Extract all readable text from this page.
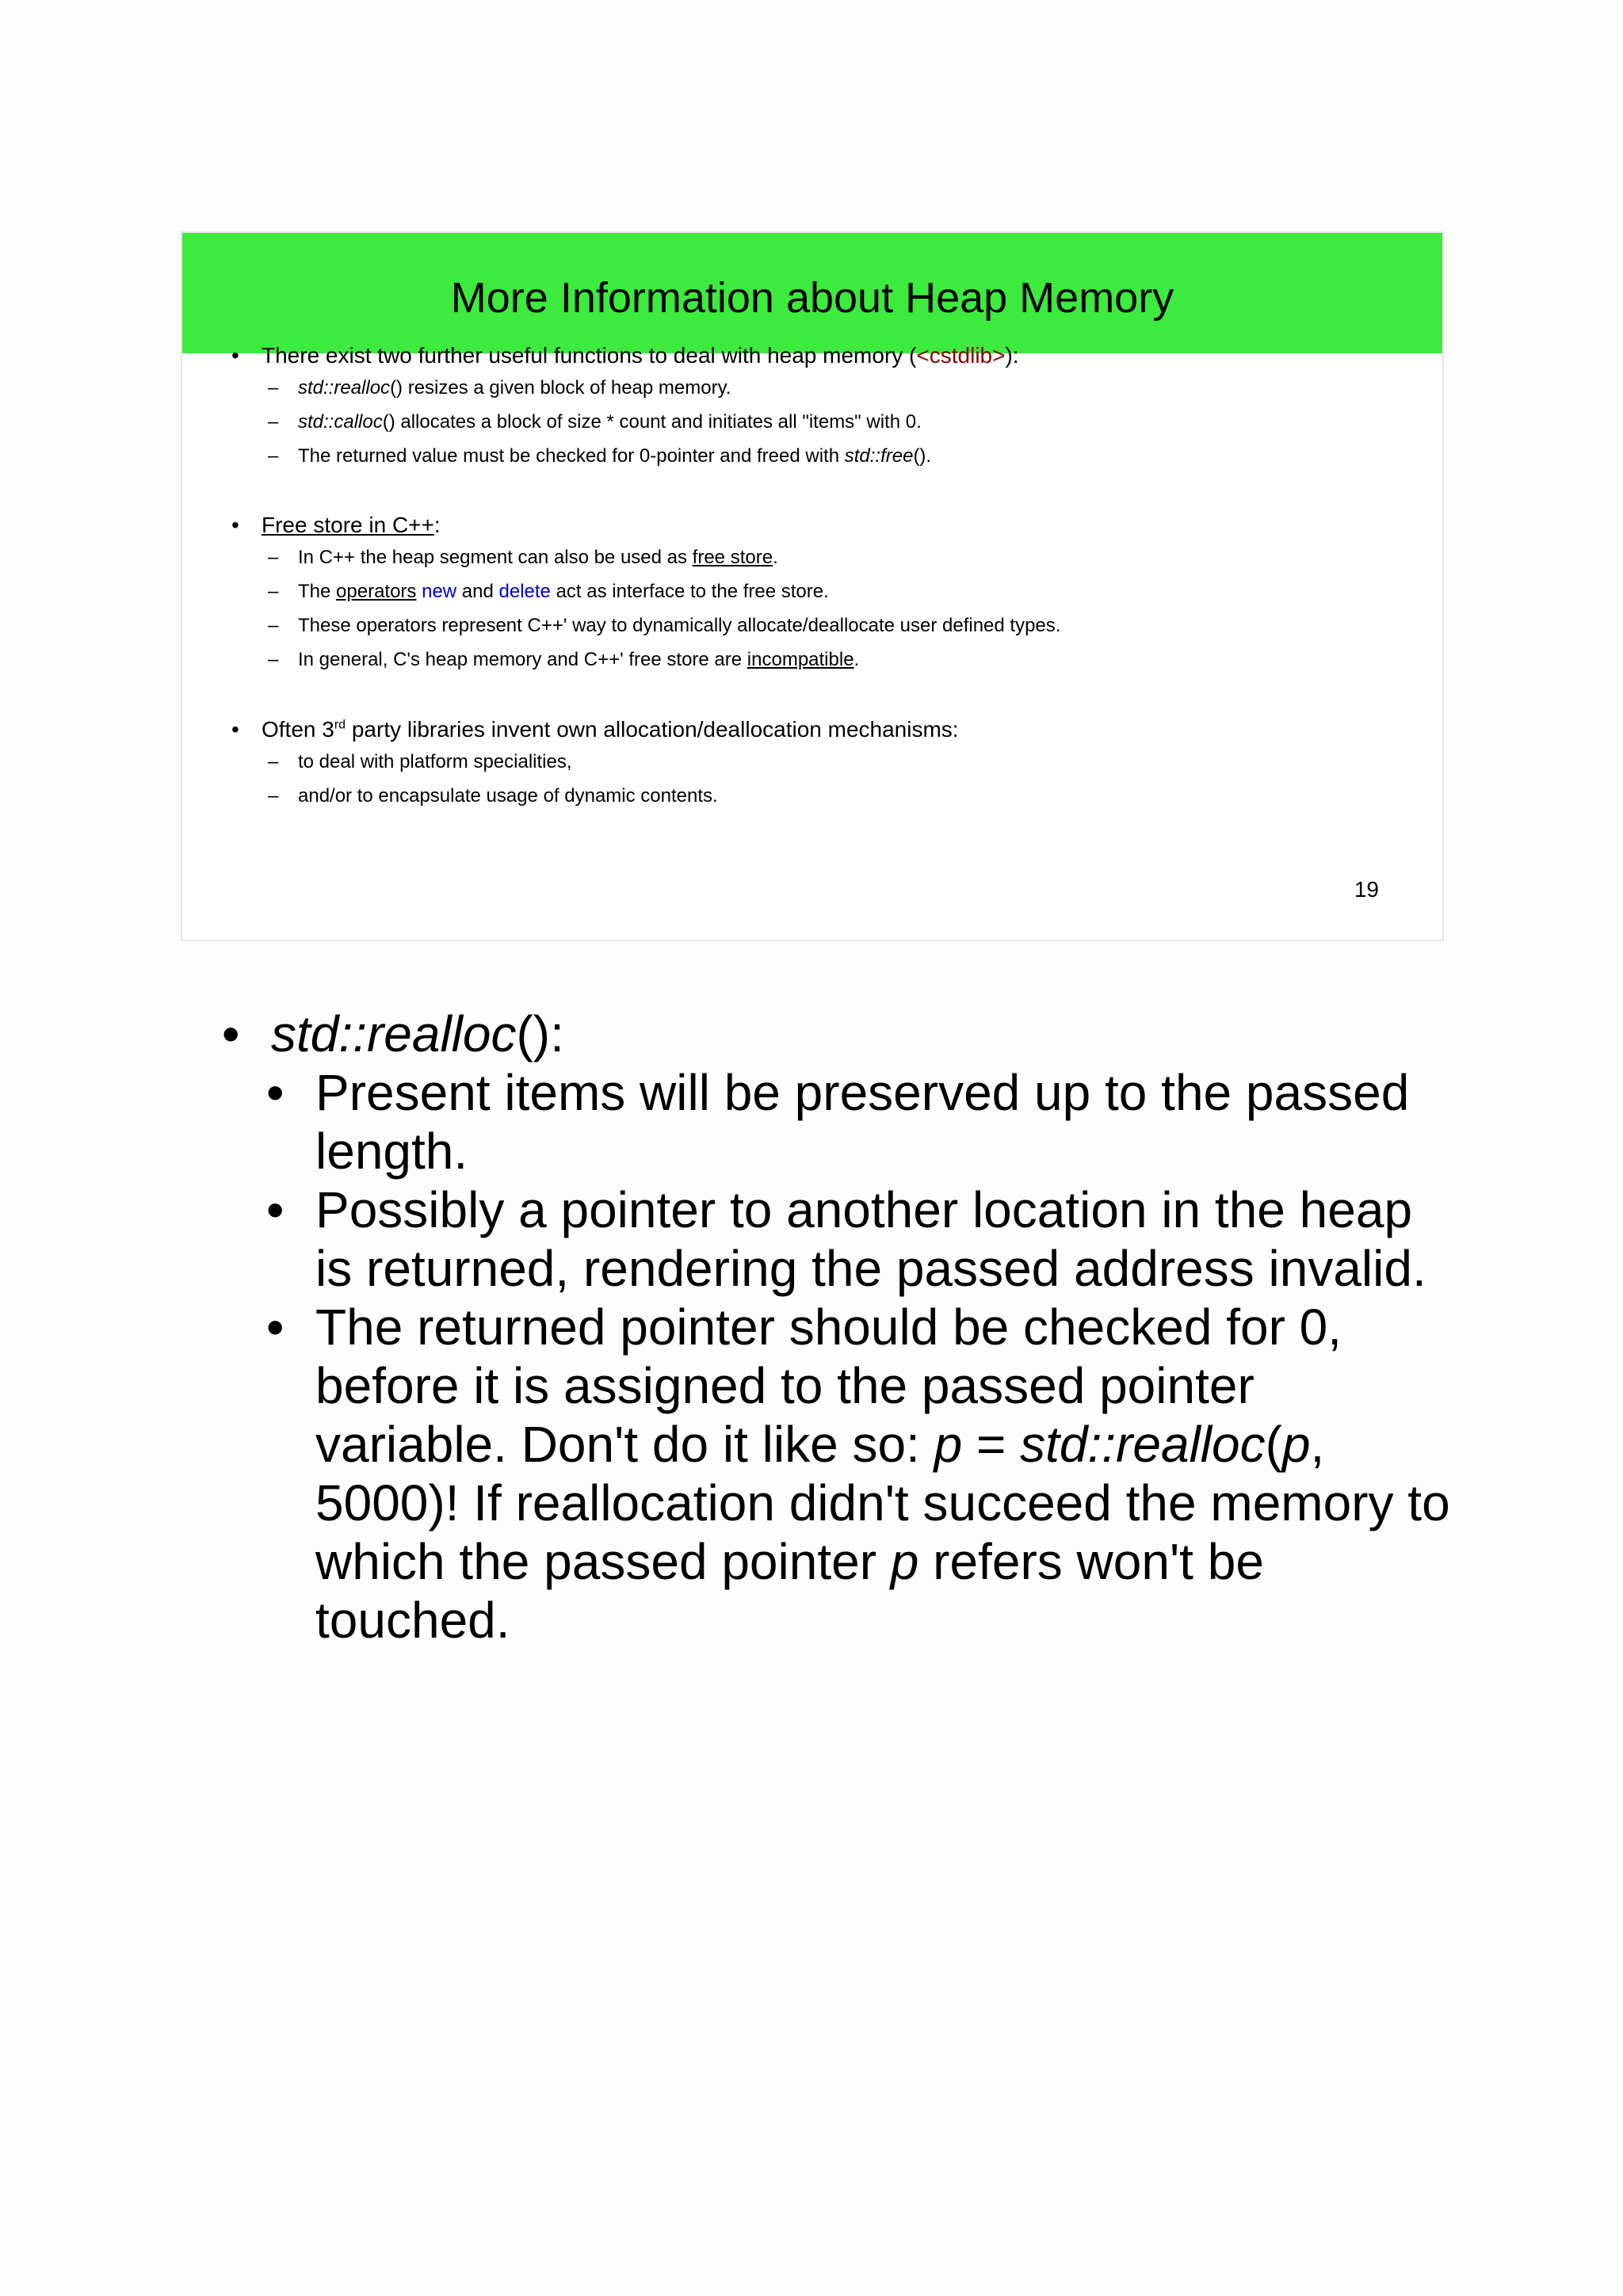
More Information about Heap Memory
• There exist two further useful functions to deal with heap memory (<cstdlib>):
– std::realloc() resizes a given block of heap memory.
– std::calloc() allocates a block of size * count and initiates all "items" with 0.
– The returned value must be checked for 0-pointer and freed with std::free().
• Free store in C++:
– In C++ the heap segment can also be used as free store.
– The operators new and delete act as interface to the free store.
– These operators represent C++' way to dynamically allocate/deallocate user defined types.
– In general, C's heap memory and C++' free store are incompatible.
• Often 3rd party libraries invent own allocation/deallocation mechanisms:
– to deal with platform specialities,
– and/or to encapsulate usage of dynamic contents.
19
• std::realloc():
• Present items will be preserved up to the passed length.
• Possibly a pointer to another location in the heap is returned, rendering the passed address invalid.
• The returned pointer should be checked for 0, before it is assigned to the passed pointer variable. Don't do it like so: p = std::realloc(p, 5000)! If reallocation didn't succeed the memory to which the passed pointer p refers won't be touched.
